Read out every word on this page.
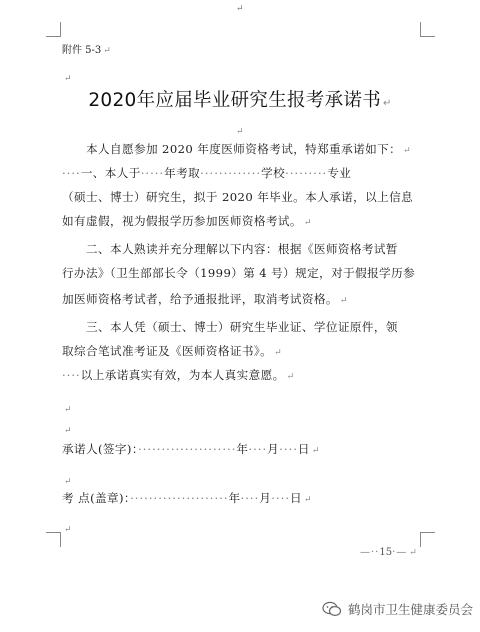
↵
附件 5-3 ↵
↵
2020年应届毕业研究生报考承诺书 ↵
↵
本人自愿参加 2020 年度医师资格考试，特郑重承诺如下： ↵
····一、本人于·····年考取·············学校·········专业
（硕士、博士）研究生，拟于 2020 年毕业。本人承诺，以上信息
如有虚假，视为假报学历参加医师资格考试。 ↵
二、本人熟读并充分理解以下内容：根据《医师资格考试暂
行办法》（卫生部部长令（1999）第 4 号）规定，对于假报学历参
加医师资格考试者，给予通报批评，取消考试资格。 ↵
三、本人凭（硕士、博士）研究生毕业证、学位证原件，领
取综合笔试准考证及《医师资格证书》。 ↵
····以上承诺真实有效，为本人真实意愿。 ↵
↵
↵
承诺人(签字)：·····················年····月····日 ↵
↵
考 点(盖章)：·····················年····月····日 ↵
↵
—··15·— ↵
鹤岗市卫生健康委员会
